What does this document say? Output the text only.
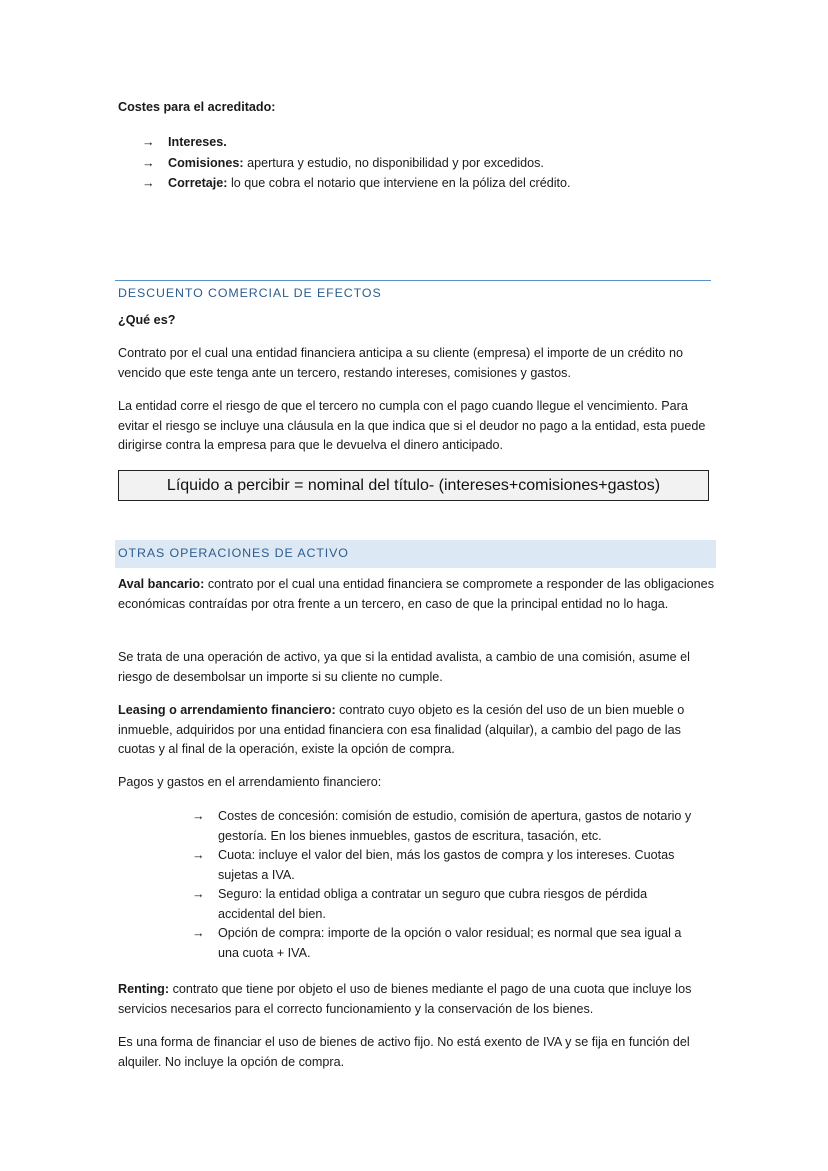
Costes para el acreditado:

→ Intereses.
→ Comisiones: apertura y estudio, no disponibilidad y por excedidos.
→ Corretaje: lo que cobra el notario que interviene en la póliza del crédito.

DESCUENTO COMERCIAL DE EFECTOS

¿Qué es?

Contrato por el cual una entidad financiera anticipa a su cliente (empresa) el importe de un crédito no vencido que este tenga ante un tercero, restando intereses, comisiones y gastos.

La entidad corre el riesgo de que el tercero no cumpla con el pago cuando llegue el vencimiento. Para evitar el riesgo se incluye una cláusula en la que indica que si el deudor no pago a la entidad, esta puede dirigirse contra la empresa para que le devuelva el dinero anticipado.

Líquido a percibir = nominal del título- (intereses+comisiones+gastos)

OTRAS OPERACIONES DE ACTIVO

Aval bancario: contrato por el cual una entidad financiera se compromete a responder de las obligaciones económicas contraídas por otra frente a un tercero, en caso de que la principal entidad no lo haga.

Se trata de una operación de activo, ya que si la entidad avalista, a cambio de una comisión, asume el riesgo de desembolsar un importe si su cliente no cumple.

Leasing o arrendamiento financiero: contrato cuyo objeto es la cesión del uso de un bien mueble o inmueble, adquiridos por una entidad financiera con esa finalidad (alquilar), a cambio del pago de las cuotas y al final de la operación, existe la opción de compra.

Pagos y gastos en el arrendamiento financiero:

→ Costes de concesión: comisión de estudio, comisión de apertura, gastos de notario y gestoría. En los bienes inmuebles, gastos de escritura, tasación, etc.
→ Cuota: incluye el valor del bien, más los gastos de compra y los intereses. Cuotas sujetas a IVA.
→ Seguro: la entidad obliga a contratar un seguro que cubra riesgos de pérdida accidental del bien.
→ Opción de compra: importe de la opción o valor residual; es normal que sea igual a una cuota + IVA.

Renting: contrato que tiene por objeto el uso de bienes mediante el pago de una cuota que incluye los servicios necesarios para el correcto funcionamiento y la conservación de los bienes.

Es una forma de financiar el uso de bienes de activo fijo. No está exento de IVA y se fija en función del alquiler. No incluye la opción de compra.
